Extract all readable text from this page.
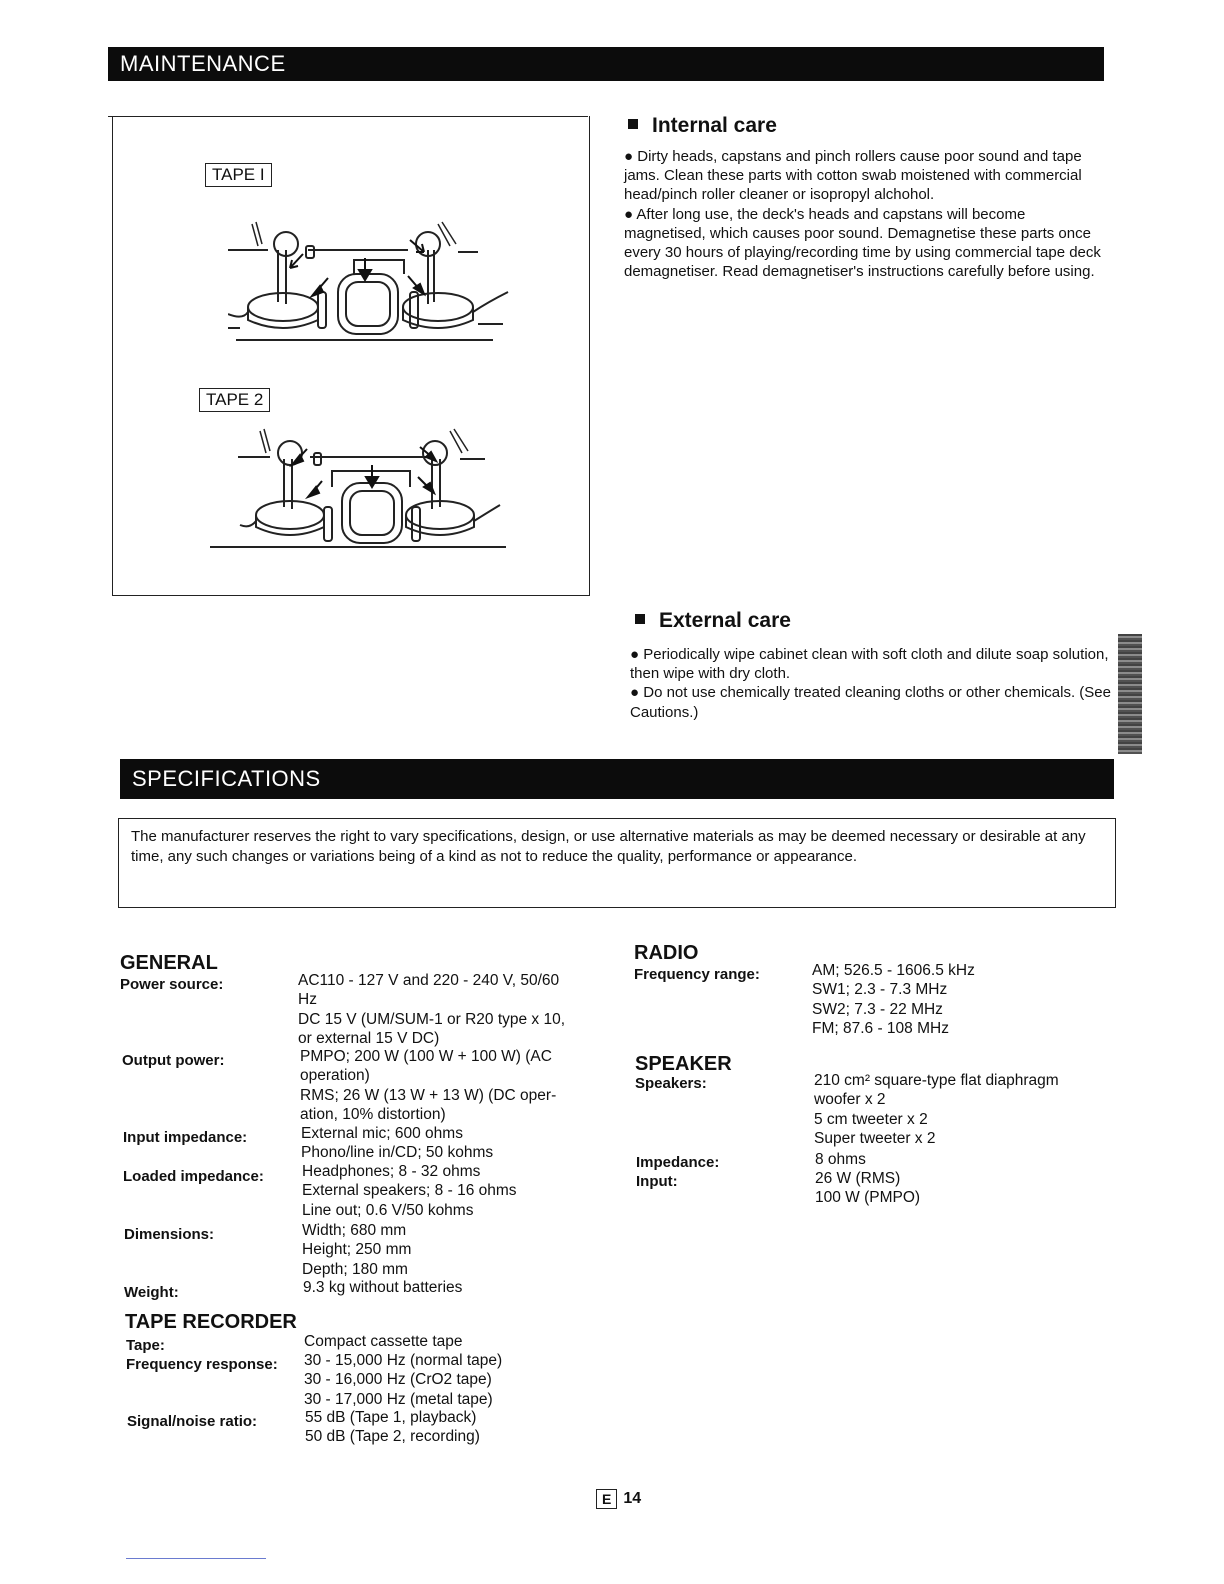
MAINTENANCE
TAPE I
TAPE 2
Internal care

● Dirty heads, capstans and pinch rollers cause poor sound and tape jams. Clean these parts with cotton swab moistened with commercial head/pinch roller cleaner or isopropyl alchohol.

● After long use, the deck's heads and capstans will become magnetised, which causes poor sound. Demagnetise these parts once every 30 hours of playing/recording time by using commercial tape deck demagnetiser. Read demagnetiser's instructions carefully before using.

External care

● Periodically wipe cabinet clean with soft cloth and dilute soap solution, then wipe with dry cloth.

● Do not use chemically treated cleaning cloths or other chemicals. (See Cautions.)

SPECIFICATIONS
The manufacturer reserves the right to vary specifications, design, or use alternative materials as may be deemed necessary or desirable at any time, any such changes or variations being of a kind as not to reduce the quality, performance or appearance.
GENERAL
Power source:	AC110 - 127 V and 220 - 240 V, 50/60
Hz
DC 15 V (UM/SUM-1 or R20 type x 10,
or external 15 V DC)
Output power:	PMPO; 200 W (100 W + 100 W) (AC
operation)
RMS; 26 W (13 W + 13 W) (DC oper-
ation, 10% distortion)
Input impedance:	External mic; 600 ohms
Phono/line in/CD; 50 kohms
Loaded impedance: Headphones; 8 - 32 ohms
External speakers; 8 - 16 ohms
Line out; 0.6 V/50 kohms
Dimensions:	Width; 680 mm
Height; 250 mm
Depth; 180 mm
Weight:	9.3 kg without batteries
TAPE RECORDER
Tape:	Compact cassette tape
Frequency response: 30 - 15,000 Hz (normal tape)
30 - 16,000 Hz (CrO2 tape)
30 - 17,000 Hz (metal tape)
Signal/noise ratio:	55 dB (Tape 1, playback)
50 dB (Tape 2, recording)
RADIO
Frequency range:	AM; 526.5 - 1606.5 kHz
SW1; 2.3 - 7.3 MHz
SW2; 7.3 - 22 MHz
FM; 87.6 - 108 MHz
SPEAKER
Speakers:	210 cm² square-type flat diaphragm
woofer x 2
5 cm tweeter x 2
Super tweeter x 2
Impedance:	8 ohms
Input:	26 W (RMS)
100 W (PMPO)
E 14
